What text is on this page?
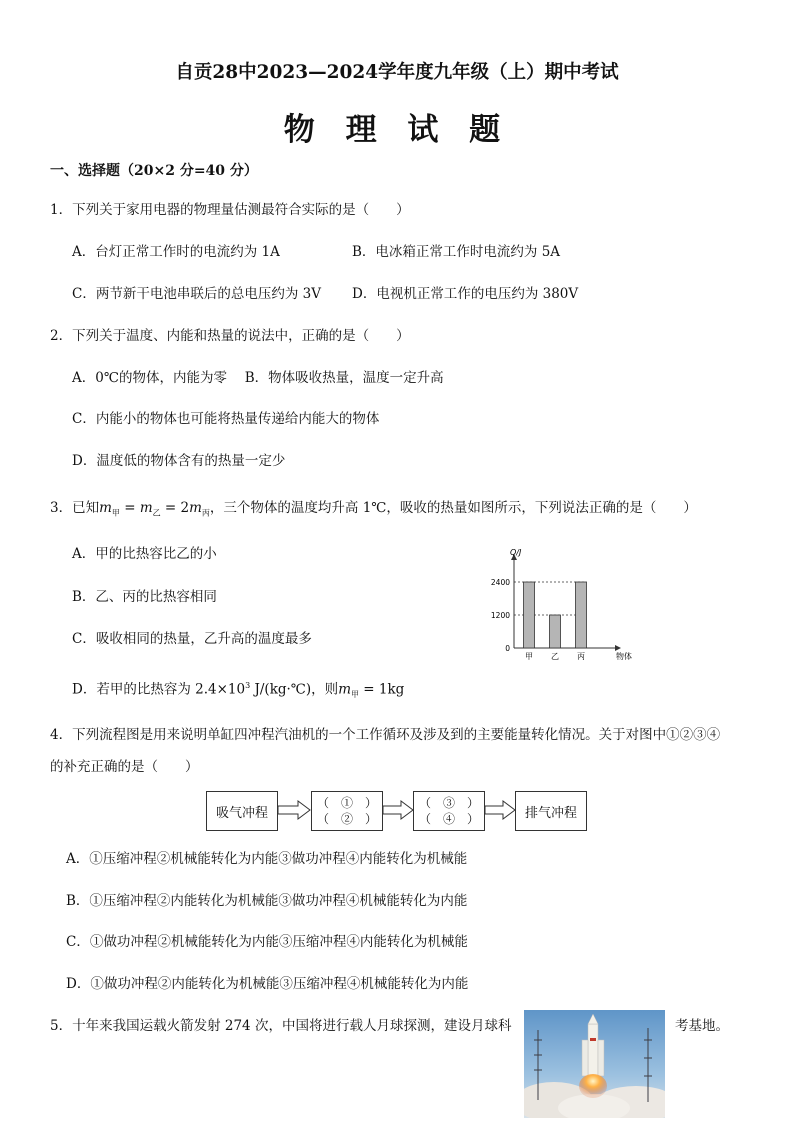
自贡28中2023—2024学年度九年级（上）期中考试
物 理 试 题
一、选择题（20×2 分=40 分）
1．下列关于家用电器的物理量估测最符合实际的是（　　）
A．台灯正常工作时的电流约为 1A	B．电冰箱正常工作时电流约为 5A
C．两节新干电池串联后的总电压约为 3V D．电视机正常工作的电压约为 380V
2．下列关于温度、内能和热量的说法中，正确的是（　　）
A．0℃的物体，内能为零　 B．物体吸收热量，温度一定升高
C．内能小的物体也可能将热量传递给内能大的物体
D．温度低的物体含有的热量一定少
3．已知$m_甲 = m_乙 = 2m_丙$，三个物体的温度均升高 1℃，吸收的热量如图所示，下列说法正确的是（　　）
A．甲的比热容比乙的小
B．乙、丙的比热容相同
C．吸收相同的热量，乙升高的温度最多
D．若甲的比热容为 $2.4\times 10^3$ J/(kg·℃)，则$m_甲 = 1kg$
0
1200
2400
甲 乙 丙
Q/J
物体
4．下列流程图是用来说明单缸四冲程汽油机的一个工作循环及涉及到的主要能量转化情况。关于对图中①②③④
的补充正确的是（　　）
吸气冲程
（　①　）
（　②　）
（　③　）
（　④　）	排气冲程
A．①压缩冲程②机械能转化为内能③做功冲程④内能转化为机械能
B．①压缩冲程②内能转化为机械能③做功冲程④机械能转化为内能
C．①做功冲程②机械能转化为内能③压缩冲程④内能转化为机械能
D．①做功冲程②内能转化为机械能③压缩冲程④机械能转化为内能
5．十年来我国运载火箭发射 274 次，中国将进行载人月球探测，建设月球科	考基地。
